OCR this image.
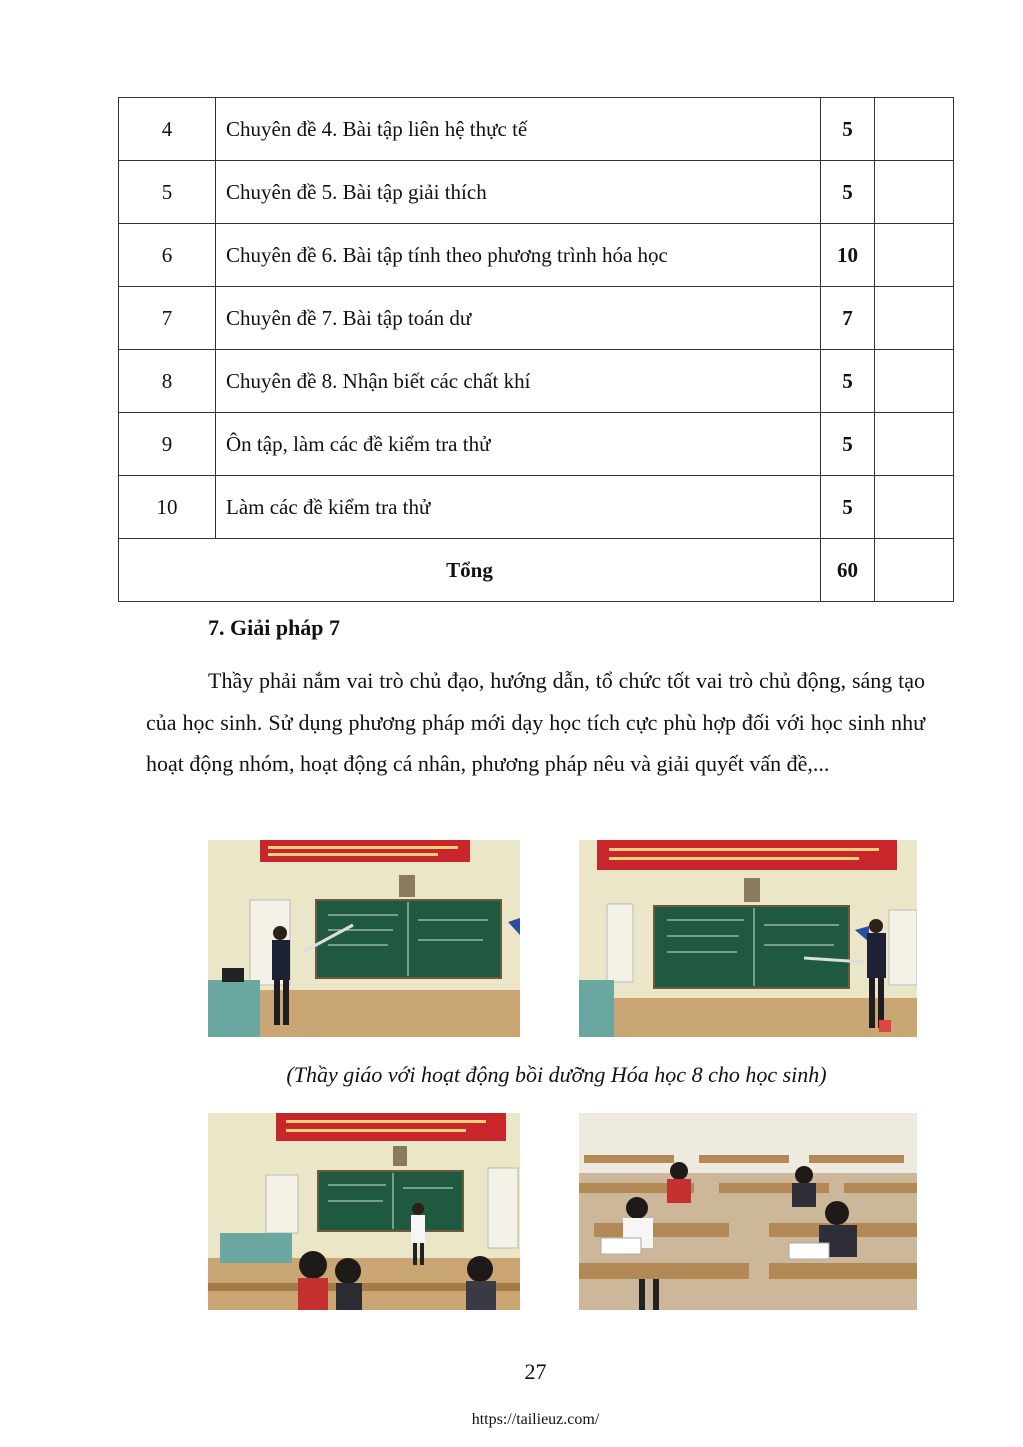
4	Chuyên đề 4. Bài tập liên hệ thực tế	5	
5	Chuyên đề 5. Bài tập giải thích	5	
6	Chuyên đề 6. Bài tập tính theo phương trình hóa học	10	
7	Chuyên đề 7. Bài tập toán dư	7	
8	Chuyên đề 8. Nhận biết các chất khí	5	
9	Ôn tập, làm các đề kiểm tra thử	5	
10	Làm các đề kiểm tra thử	5	
Tổng		60	
7. Giải pháp 7

Thầy phải nắm vai trò chủ đạo, hướng dẫn, tổ chức tốt vai trò chủ động, sáng tạo của học sinh. Sử dụng phương pháp mới dạy học tích cực phù hợp đối với học sinh như hoạt động nhóm, hoạt động cá nhân, phương pháp nêu và giải quyết vấn đề,...

(Thầy giáo với hoạt động bồi dưỡng Hóa học 8 cho học sinh)
27
https://tailieuz.com/
